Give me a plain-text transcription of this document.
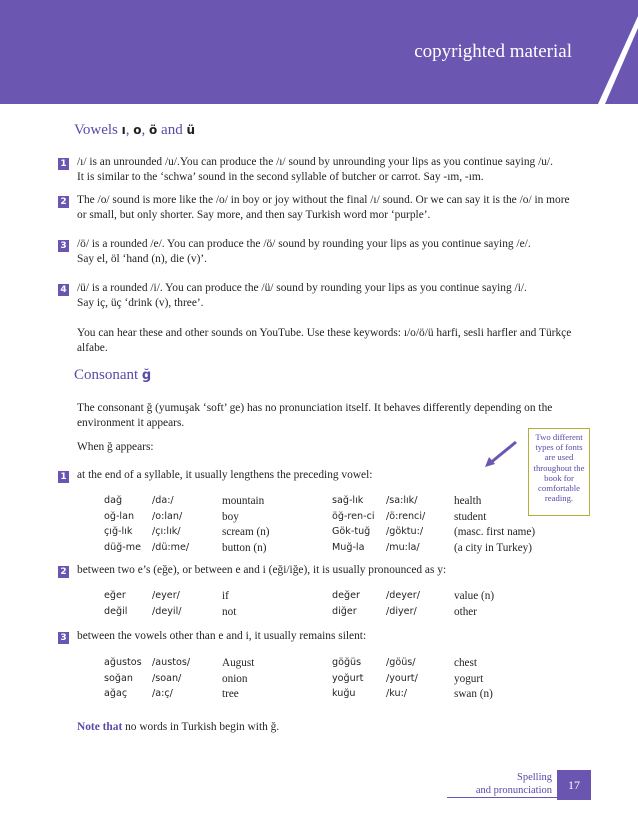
copyrighted material
Vowels ı, o, ö and ü
1 /ı/ is an unrounded /u/.You can produce the /ı/ sound by unrounding your lips as you continue saying /u/.
It is similar to the ‘schwa’ sound in the second syllable of butcher or carrot. Say -ım, -ım.
2 The /o/ sound is more like the /o/ in boy or joy without the final /ı/ sound. Or we can say it is the /o/ in more
or small, but only shorter. Say more, and then say Turkish word mor ‘purple’.
3 /ö/ is a rounded /e/. You can produce the /ö/ sound by rounding your lips as you continue saying /e/.
Say el, öl ‘hand (n), die (v)’.
4 /ü/ is a rounded /i/. You can produce the /ü/ sound by rounding your lips as you continue saying /i/.
Say iç, üç ‘drink (v), three’.
You can hear these and other sounds on YouTube. Use these keywords: ı/o/ö/ü harfi, sesli harfler and Türkçe
alfabe.
Consonant ğ
The consonant ğ (yumuşak ‘soft’ ge) has no pronunciation itself. It behaves differently depending on the
environment it appears.
When ğ appears:
Two different types of fonts are used throughout the book for comfortable reading.
1 at the end of a syllable, it usually lengthens the preceding vowel:
dağ	/da:/	mountain	sağ-lık /sa:lık/	health
oğ-lan /o:lan/	boy	öğ-ren-ci /ö:renci/	student
çığ-lık /çı:lık/	scream (n)	Gök-tuğ /göktu:/	(masc. first name)
düğ-me /dü:me/	button (n)	Muğ-la /mu:la/	(a city in Turkey)
2 between two e’s (eğe), or between e and i (eği/iğe), it is usually pronounced as y:
eğer	/eyer/	if	değer	/deyer/	value (n)
değil	/deyil/	not	diğer	/diyer/	other
3 between the vowels other than e and i, it usually remains silent:
ağustos /austos/	August	göğüs	/göüs/	chest
soğan /soan/	onion	yoğurt /yourt/	yogurt
ağaç	/a:ç/	tree	kuğu	/ku:/	swan (n)
Note that no words in Turkish begin with ğ.
Spelling
and pronunciation	17
